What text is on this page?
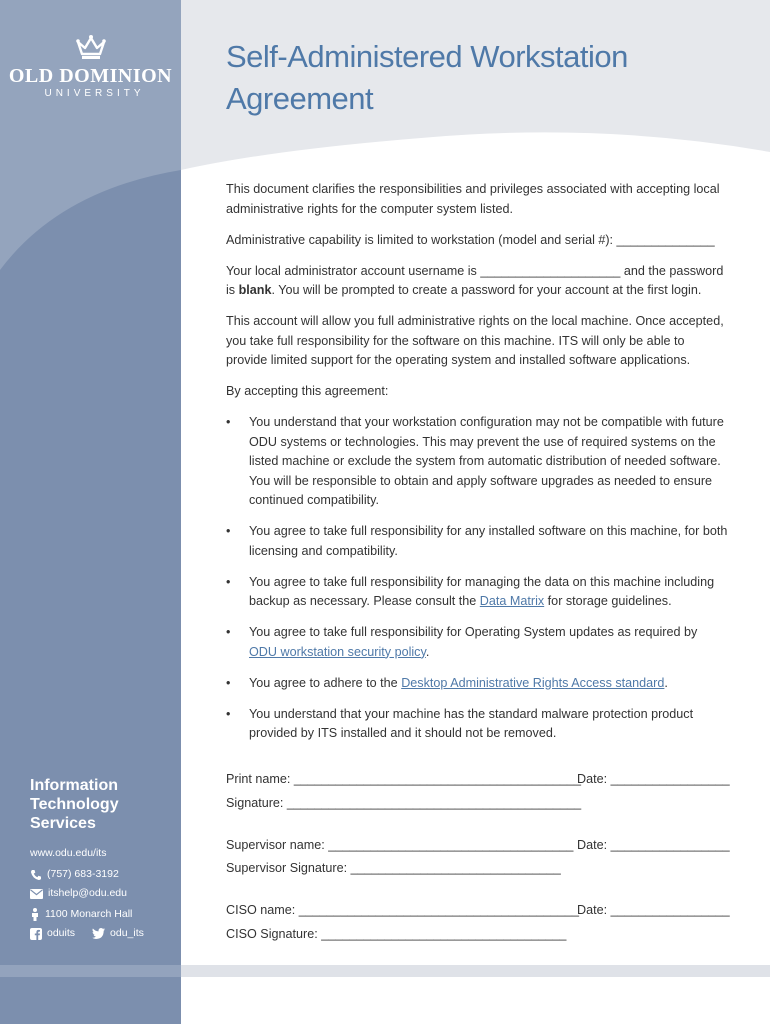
OLD DOMINION
UNIVERSITY
Information
Technology
Services
www.odu.edu/its
(757) 683-3192
itshelp@odu.edu
1100 Monarch Hall
oduits	odu_its
Self-Administered Workstation Agreement

This document clarifies the responsibilities and privileges associated with accepting local administrative rights for the computer system listed.

Administrative capability is limited to workstation (model and serial #): ______________

Your local administrator account username is ____________________ and the password is blank. You will be prompted to create a password for your account at the first login.

This account will allow you full administrative rights on the local machine. Once accepted, you take full responsibility for the software on this machine. ITS will only be able to provide limited support for the operating system and installed software applications.

By accepting this agreement:

• You understand that your workstation configuration may not be compatible with future ODU systems or technologies. This may prevent the use of required systems on the listed machine or exclude the system from automatic distribution of needed software. You will be responsible to obtain and apply software upgrades as needed to ensure continued compatibility.
• You agree to take full responsibility for any installed software on this machine, for both licensing and compatibility.
• You agree to take full responsibility for managing the data on this machine including backup as necessary. Please consult the Data Matrix for storage guidelines.
• You agree to take full responsibility for Operating System updates as required by ODU workstation security policy.
• You agree to adhere to the Desktop Administrative Rights Access standard.
• You understand that your machine has the standard malware protection product provided by ITS installed and it should not be removed.
Print name: _________________________________________
Date: _________________
Signature: __________________________________________
Supervisor name: ___________________________________ Date: _________________
Supervisor Signature: ______________________________
CISO name: ________________________________________
Date: _________________
CISO Signature: ___________________________________
